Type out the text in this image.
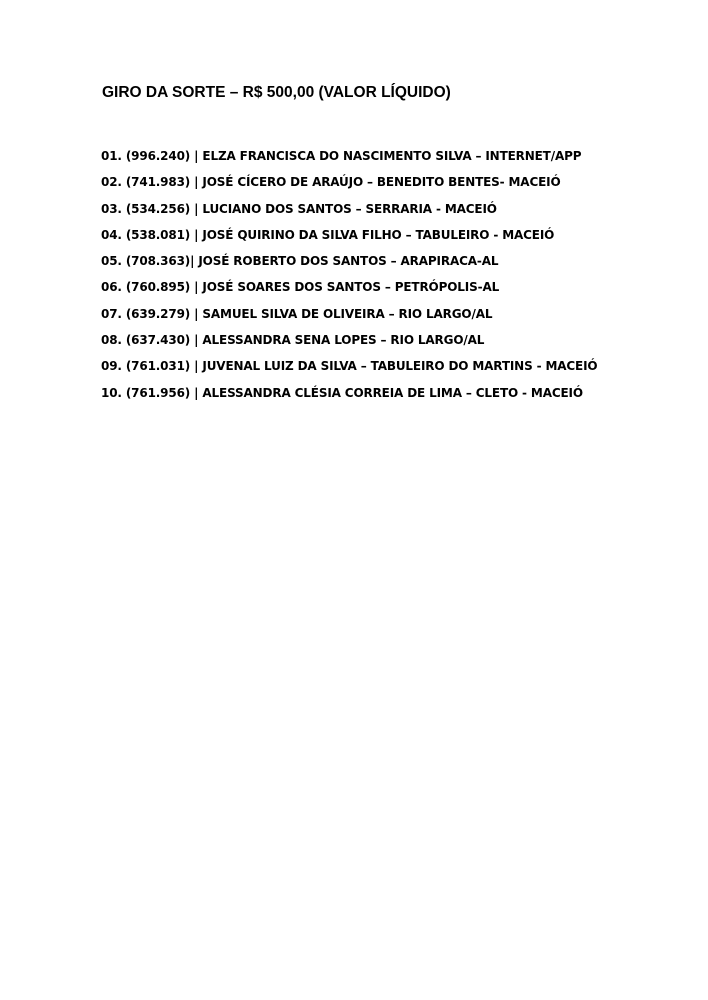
GIRO DA SORTE – R$ 500,00 (VALOR LÍQUIDO)
01. (996.240) | ELZA FRANCISCA DO NASCIMENTO SILVA – INTERNET/APP
02. (741.983) | JOSÉ CÍCERO DE ARAÚJO – BENEDITO BENTES- MACEIÓ
03. (534.256) | LUCIANO DOS SANTOS – SERRARIA - MACEIÓ
04. (538.081) | JOSÉ QUIRINO DA SILVA FILHO – TABULEIRO - MACEIÓ
05. (708.363)| JOSÉ ROBERTO DOS SANTOS – ARAPIRACA-AL
06. (760.895) | JOSÉ SOARES DOS SANTOS – PETRÓPOLIS-AL
07. (639.279) | SAMUEL SILVA DE OLIVEIRA – RIO LARGO/AL
08. (637.430) | ALESSANDRA SENA LOPES – RIO LARGO/AL
09. (761.031) | JUVENAL LUIZ DA SILVA – TABULEIRO DO MARTINS - MACEIÓ
10. (761.956) | ALESSANDRA CLÉSIA CORREIA DE LIMA – CLETO - MACEIÓ
